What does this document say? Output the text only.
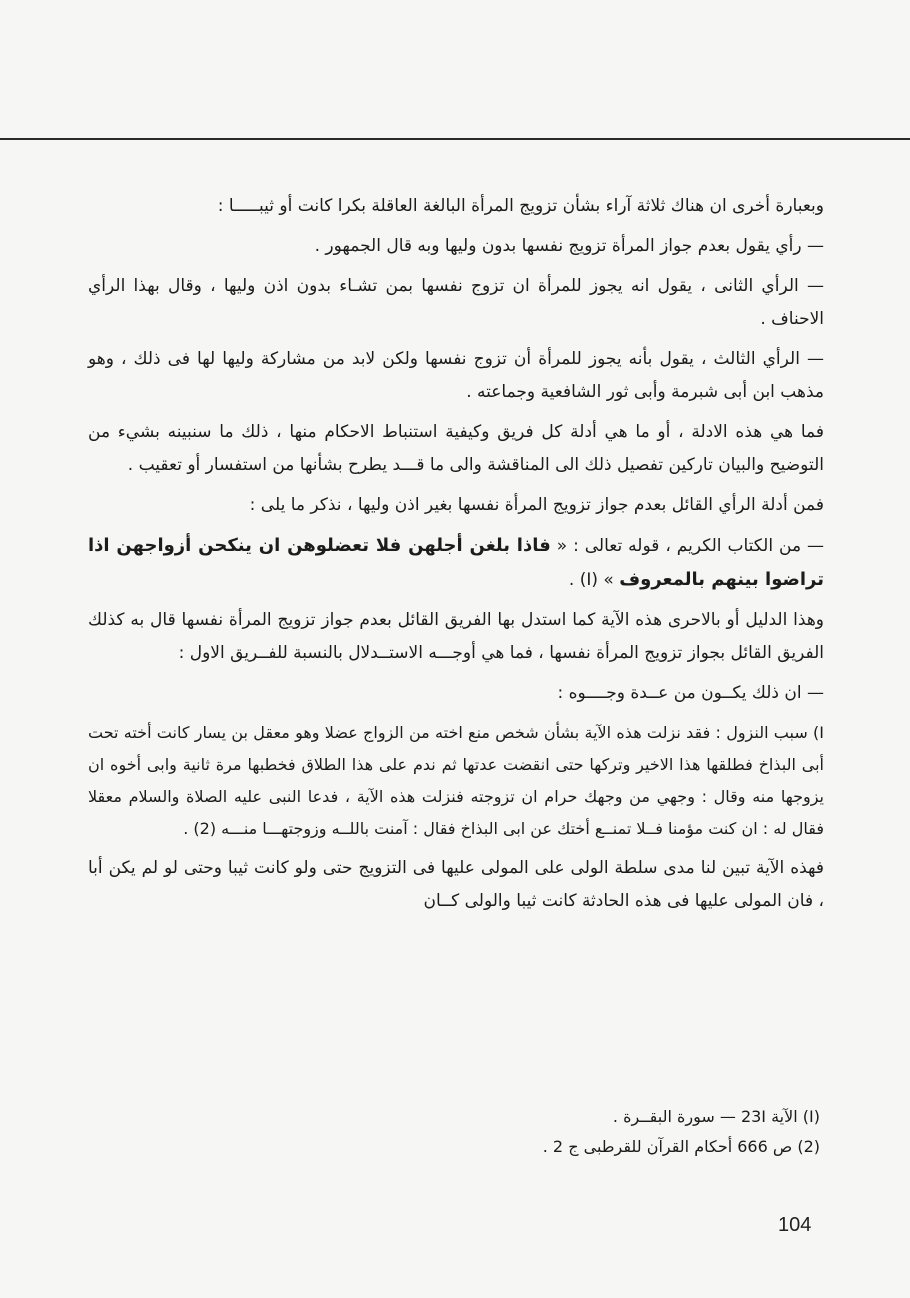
وبعبارة أخرى ان هناك ثلاثة آراء بشأن تزويج المرأة البالغة العاقلة بكرا كانت أو ثيبـــــا :

— رأي يقول بعدم جواز المرأة تزويج نفسها بدون وليها وبه قال الجمهور .

— الرأي الثانى ، يقول انه يجوز للمرأة ان تزوج نفسها بمن تشـاء بدون اذن وليها ، وقال بهذا الرأي الاحناف .

— الرأي الثالث ، يقول بأنه يجوز للمرأة أن تزوج نفسها ولكن لابد من مشاركة وليها لها فى ذلك ، وهو مذهب ابن أبى شبرمة وأبى ثور الشافعية وجماعته .

فما هي هذه الادلة ، أو ما هي أدلة كل فريق وكيفية استنباط الاحكام منها ، ذلك ما سنبينه بشيء من التوضيح والبيان تاركين تفصيل ذلك الى المناقشة والى ما قـــد يطرح بشأنها من استفسار أو تعقيب .

فمن أدلة الرأي القائل بعدم جواز تزويج المرأة نفسها بغير اذن وليها ، نذكر ما يلى :

— من الكتاب الكريم ، قوله تعالى : « فاذا بلغن أجلهن فلا تعضلوهن ان ينكحن أزواجهن اذا تراضوا بينهم بالمعروف » (I) .

وهذا الدليل أو بالاحرى هذه الآية كما استدل بها الفريق القائل بعدم جواز تزويج المرأة نفسها قال به كذلك الفريق القائل بجواز تزويج المرأة نفسها ، فما هي أوجـــه الاستــدلال بالنسبة للفــريق الاول :

— ان ذلك يكــون من عــدة وجــــوه :

I) سبب النزول : فقد نزلت هذه الآية بشأن شخص منع اخته من الزواج عضلا وهو معقل بن يسار كانت أخته تحت أبى البذاخ فطلقها هذا الاخير وتركها حتى انقضت عدتها ثم ندم على هذا الطلاق فخطبها مرة ثانية وابى أخوه ان يزوجها منه وقال : وجهي من وجهك حرام ان تزوجته فنزلت هذه الآية ، فدعا النبى عليه الصلاة والسلام معقلا فقال له : ان كنت مؤمنا فــلا تمنــع أختك عن ابى البذاخ فقال : آمنت باللــه وزوجتهـــا منـــه (2) .

فهذه الآية تبين لنا مدى سلطة الولى على المولى عليها فى التزويج حتى ولو كانت ثيبا وحتى لو لم يكن أبا ، فان المولى عليها فى هذه الحادثة كانت ثيبا والولى كــان

(I) الآية 23I — سورة البقــرة .
(2) ص 666 أحكام القرآن للقرطبى ج 2 .
104
